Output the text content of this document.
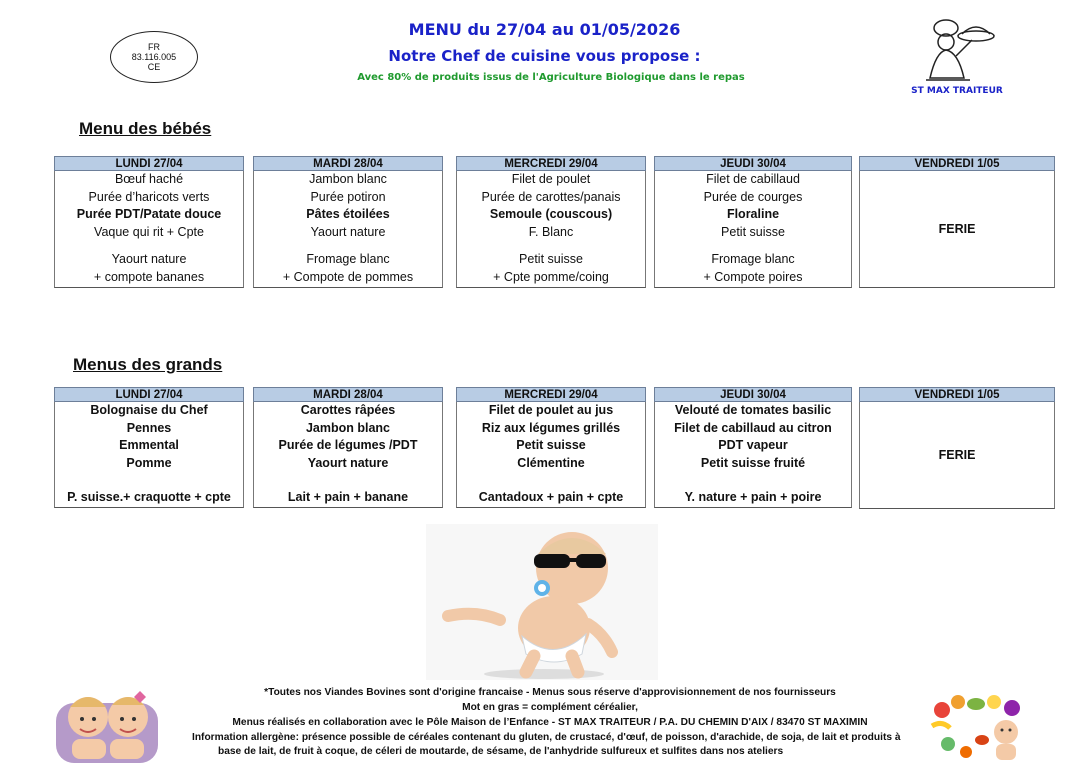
MENU du 27/04 au 01/05/2026
Notre Chef de cuisine vous propose :
Avec 80% de produits issus de l'Agriculture Biologique dans le repas
FR
83.116.005
CE
ST MAX TRAITEUR
Menu des bébés
LUNDI 27/04
Bœuf haché
Purée d’haricots verts
Purée PDT/Patate douce
Vaque qui rit + Cpte
Yaourt nature
+ compote bananes
MARDI 28/04
Jambon blanc
Purée potiron
Pâtes étoilées
Yaourt nature
Fromage blanc
+ Compote de pommes
MERCREDI 29/04
Filet de poulet
Purée de carottes/panais
Semoule (couscous)
F. Blanc
Petit suisse
+ Cpte pomme/coing
JEUDI 30/04
Filet de cabillaud
Purée de courges
Floraline
Petit suisse
Fromage blanc
+ Compote poires
VENDREDI 1/05
FERIE
Menus des grands
LUNDI 27/04
Bolognaise du Chef
Pennes
Emmental
Pomme
P. suisse.+ craquotte + cpte
MARDI 28/04
Carottes râpées
Jambon blanc
Purée de légumes /PDT
Yaourt nature
Lait + pain + banane
MERCREDI 29/04
Filet de poulet au jus
Riz aux légumes grillés
Petit suisse
Clémentine
Cantadoux + pain + cpte
JEUDI 30/04
Velouté de tomates basilic
Filet de cabillaud au citron
PDT vapeur
Petit suisse fruité
Y. nature + pain + poire
VENDREDI 1/05
FERIE
*Toutes nos Viandes Bovines sont d'origine francaise - Menus sous réserve d'approvisionnement de nos fournisseurs
Mot en gras = complément céréalier,
Menus réalisés en collaboration avec le Pôle Maison de l’Enfance - ST MAX TRAITEUR / P.A. DU CHEMIN D'AIX / 83470 ST MAXIMIN
Information allergène: présence possible de céréales contenant du gluten, de crustacé, d'œuf, de poisson, d'arachide, de soja, de lait et produits à
base de lait, de fruit à coque, de céleri de moutarde, de sésame, de l'anhydride sulfureux et sulfites dans nos ateliers
